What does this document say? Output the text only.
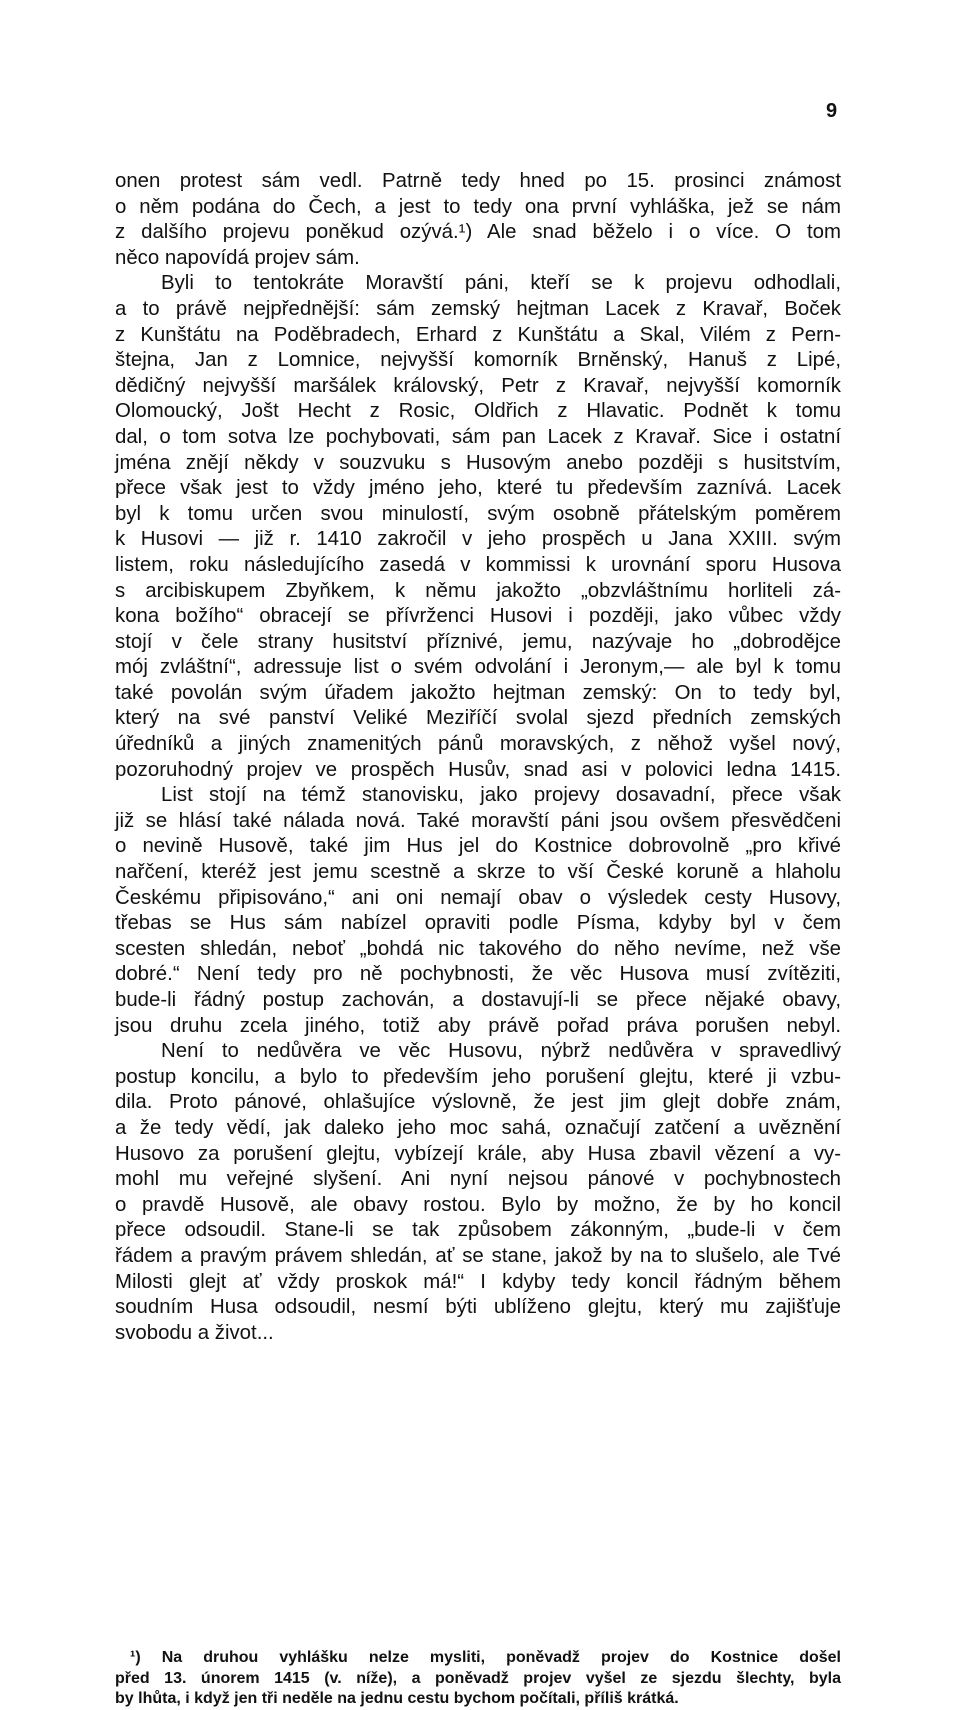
9
onen protest sám vedl. Patrně tedy hned po 15. prosinci známost
o něm podána do Čech, a jest to tedy ona první vyhláška, jež se nám
z dalšího projevu poněkud ozývá.¹) Ale snad běželo i o více. O tom
něco napovídá projev sám.
Byli to tentokráte Moravští páni, kteří se k projevu odhodlali,
a to právě nejpřednější: sám zemský hejtman Lacek z Kravař, Boček
z Kunštátu na Poděbradech, Erhard z Kunštátu a Skal, Vilém z Pern-
štejna, Jan z Lomnice, nejvyšší komorník Brněnský, Hanuš z Lipé,
dědičný nejvyšší maršálek královský, Petr z Kravař, nejvyšší komorník
Olomoucký, Jošt Hecht z Rosic, Oldřich z Hlavatic. Podnět k tomu
dal, o tom sotva lze pochybovati, sám pan Lacek z Kravař. Sice i ostatní
jména znějí někdy v souzvuku s Husovým anebo později s husitstvím,
přece však jest to vždy jméno jeho, které tu především zaznívá. Lacek
byl k tomu určen svou minulostí, svým osobně přátelským poměrem
k Husovi — již r. 1410 zakročil v jeho prospěch u Jana XXIII. svým
listem, roku následujícího zasedá v kommissi k urovnání sporu Husova
s arcibiskupem Zbyňkem, k němu jakožto „obzvláštnímu horliteli zá-
kona božího“ obracejí se přívrženci Husovi i později, jako vůbec vždy
stojí v čele strany husitství příznivé, jemu, nazývaje ho „dobrodějce
mój zvláštní“, adressuje list o svém odvolání i Jeronym,— ale byl k tomu
také povolán svým úřadem jakožto hejtman zemský: On to tedy byl,
který na své panství Veliké Meziříčí svolal sjezd předních zemských
úředníků a jiných znamenitých pánů moravských, z něhož vyšel nový,
pozoruhodný projev ve prospěch Husův, snad asi v polovici ledna 1415.
List stojí na témž stanovisku, jako projevy dosavadní, přece však
již se hlásí také nálada nová. Také moravští páni jsou ovšem přesvědčeni
o nevině Husově, také jim Hus jel do Kostnice dobrovolně „pro křivé
nařčení, kteréž jest jemu scestně a skrze to vší České koruně a hlaholu
Českému připisováno,“ ani oni nemají obav o výsledek cesty Husovy,
třebas se Hus sám nabízel opraviti podle Písma, kdyby byl v čem
scesten shledán, neboť „bohdá nic takového do něho nevíme, než vše
dobré.“ Není tedy pro ně pochybnosti, že věc Husova musí zvítěziti,
bude-li řádný postup zachován, a dostavují-li se přece nějaké obavy,
jsou druhu zcela jiného, totiž aby právě pořad práva porušen nebyl.
Není to nedůvěra ve věc Husovu, nýbrž nedůvěra v spravedlivý
postup koncilu, a bylo to především jeho porušení glejtu, které ji vzbu-
dila. Proto pánové, ohlašujíce výslovně, že jest jim glejt dobře znám,
a že tedy vědí, jak daleko jeho moc sahá, označují zatčení a uvěznění
Husovo za porušení glejtu, vybízejí krále, aby Husa zbavil vězení a vy-
mohl mu veřejné slyšení. Ani nyní nejsou pánové v pochybnostech
o pravdě Husově, ale obavy rostou. Bylo by možno, že by ho koncil
přece odsoudil. Stane-li se tak způsobem zákonným, „bude-li v čem
řádem a pravým právem shledán, ať se stane, jakož by na to slušelo, ale Tvé
Milosti glejt ať vždy proskok má!“ I kdyby tedy koncil řádným během
soudním Husa odsoudil, nesmí býti ublíženo glejtu, který mu zajišťuje
svobodu a život...
¹) Na druhou vyhlášku nelze mysliti, poněvadž projev do Kostnice došel
před 13. únorem 1415 (v. níže), a poněvadž projev vyšel ze sjezdu šlechty, byla
by lhůta, i když jen tři neděle na jednu cestu bychom počítali, příliš krátká.
